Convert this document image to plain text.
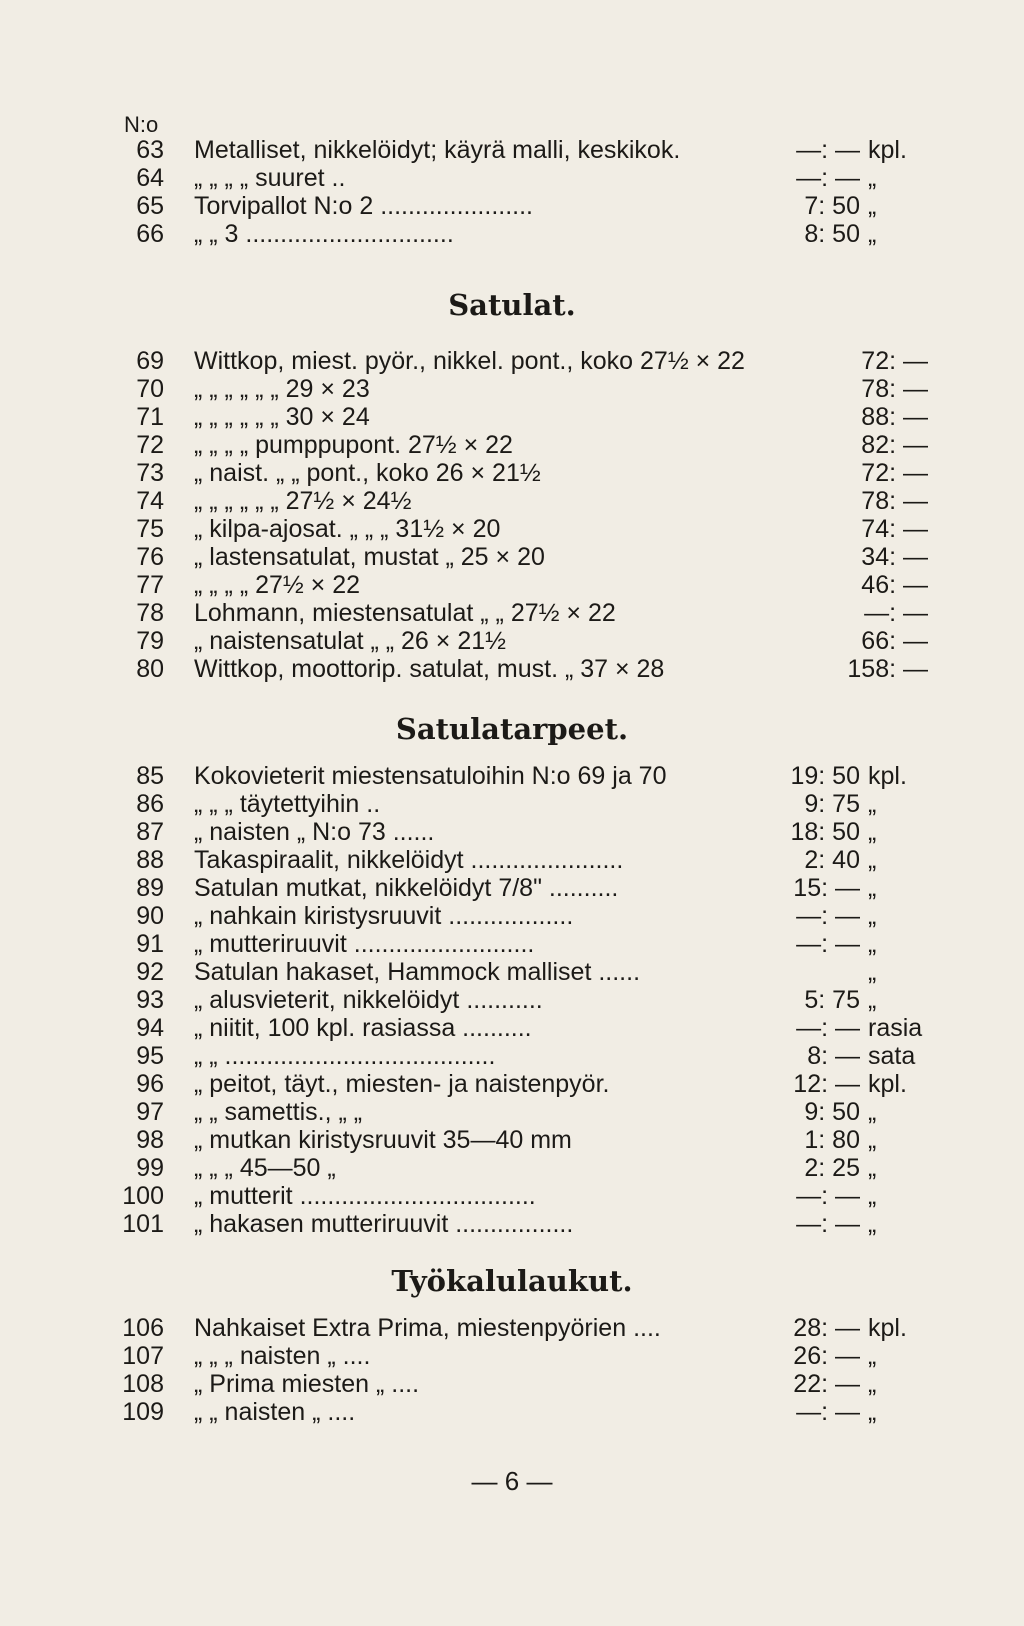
N:o
63 Metalliset, nikkelöidyt; käyrä malli, keskikok.	—: — kpl.
64 „ „ „ „ suuret ..	—: — „
65 Torvipallot N:o 2 ......................	7: 50 „
66 „ „ 3 ..............................	8: 50 „
Satulat.
69 Wittkop, miest. pyör., nikkel. pont., koko 27½ × 22	72: —
70 „ „ „ „ „ „ 29 × 23	78: —
71 „ „ „ „ „ „ 30 × 24	88: —
72 „ „ „ „ pumppupont. 27½ × 22	82: —
73 „ naist. „ „ pont., koko 26 × 21½	72: —
74 „ „ „ „ „ „ 27½ × 24½	78: —
75 „ kilpa-ajosat. „ „ „ 31½ × 20	74: —
76 „ lastensatulat, mustat „ 25 × 20	34: —
77 „ „ „ „ 27½ × 22	46: —
78 Lohmann, miestensatulat „ „ 27½ × 22	—: —
79 „ naistensatulat „ „ 26 × 21½	66: —
80 Wittkop, moottorip. satulat, must. „ 37 × 28	158: —
Satulatarpeet.
85 Kokovieterit miestensatuloihin N:o 69 ja 70	19: 50 kpl.
86 „ „ „ täytettyihin ..	9: 75 „
87 „ naisten „ N:o 73 ......	18: 50 „
88 Takaspiraalit, nikkelöidyt ......................	2: 40 „
89 Satulan mutkat, nikkelöidyt 7/8" ..........	15: — „
90 „ nahkain kiristysruuvit ..................	—: — „
91 „ mutteriruuvit ..........................	—: — „
92 Satulan hakaset, Hammock malliset ......	„
93 „ alusvieterit, nikkelöidyt ...........	5: 75 „
94 „ niitit, 100 kpl. rasiassa ..........	—: — rasia
95 „ „ .......................................	8: — sata
96 „ peitot, täyt., miesten- ja naistenpyör.	12: — kpl.
97 „ „ samettis., „ „	9: 50 „
98 „ mutkan kiristysruuvit 35—40 mm	1: 80 „
99 „ „ „ 45—50 „	2: 25 „
100 „ mutterit ..................................	—: — „
101 „ hakasen mutteriruuvit .................	—: — „
Työkalulaukut.
106 Nahkaiset Extra Prima, miestenpyörien ....	28: — kpl.
107 „ „ „ naisten „ ....	26: — „
108 „ Prima miesten „ ....	22: — „
109 „ „ naisten „ ....	—: — „
— 6 —
